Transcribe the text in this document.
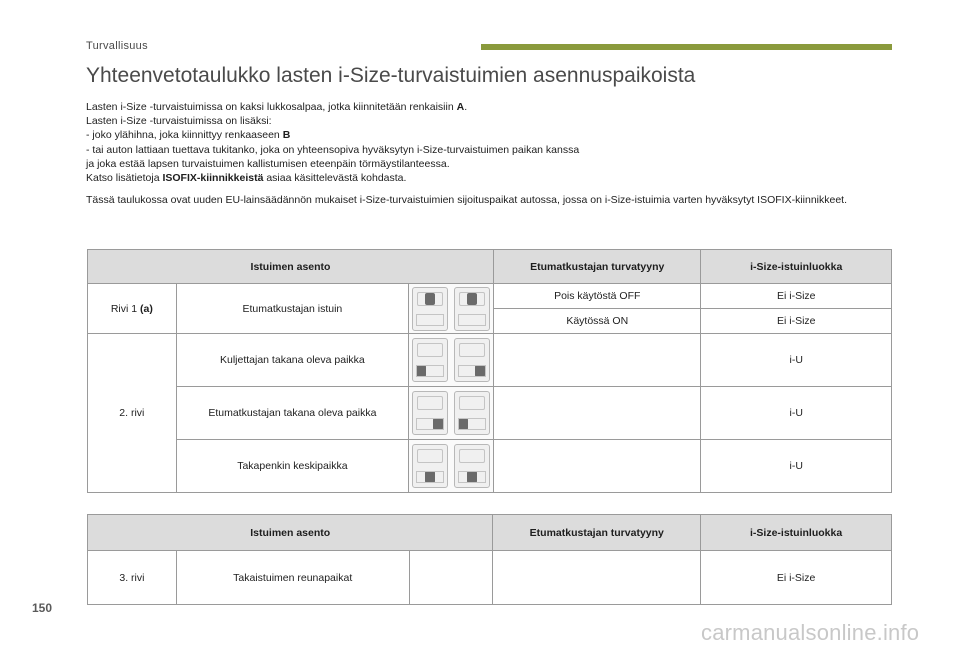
Turvallisuus
Yhteenvetotaulukko lasten i-Size-turvaistuimien asennuspaikoista

Lasten i-Size -turvaistuimissa on kaksi lukkosalpaa, jotka kiinnitetään renkaisiin A.

Lasten i-Size -turvaistuimissa on lisäksi:

- joko ylähihna, joka kiinnittyy renkaaseen B

- tai auton lattiaan tuettava tukitanko, joka on yhteensopiva hyväksytyn i-Size-turvaistuimen paikan kanssa

ja joka estää lapsen turvaistuimen kallistumisen eteenpäin törmäystilanteessa.

Katso lisätietoja ISOFIX-kiinnikkeistä asiaa käsittelevästä kohdasta.

Tässä taulukossa ovat uuden EU-lainsäädännön mukaiset i-Size-turvaistuimien sijoituspaikat autossa, jossa on i-Size-istuimia varten hyväksytyt ISOFIX-kiinnikkeet.

Istuimen asento			Etumatkustajan turvatyyny	i-Size-istuinluokka
Rivi 1 (a)	Etumatkustajan istuin		Pois käytöstä OFF	Ei i-Size
			Käytössä ON	Ei i-Size
2. rivi	Kuljettajan takana oleva paikka			i-U
	Etumatkustajan takana oleva paikka			i-U
	Takapenkin keskipaikka			i-U
Istuimen asento			Etumatkustajan turvatyyny	i-Size-istuinluokka
3. rivi	Takaistuimen reunapaikat			Ei i-Size
150
carmanualsonline.info
